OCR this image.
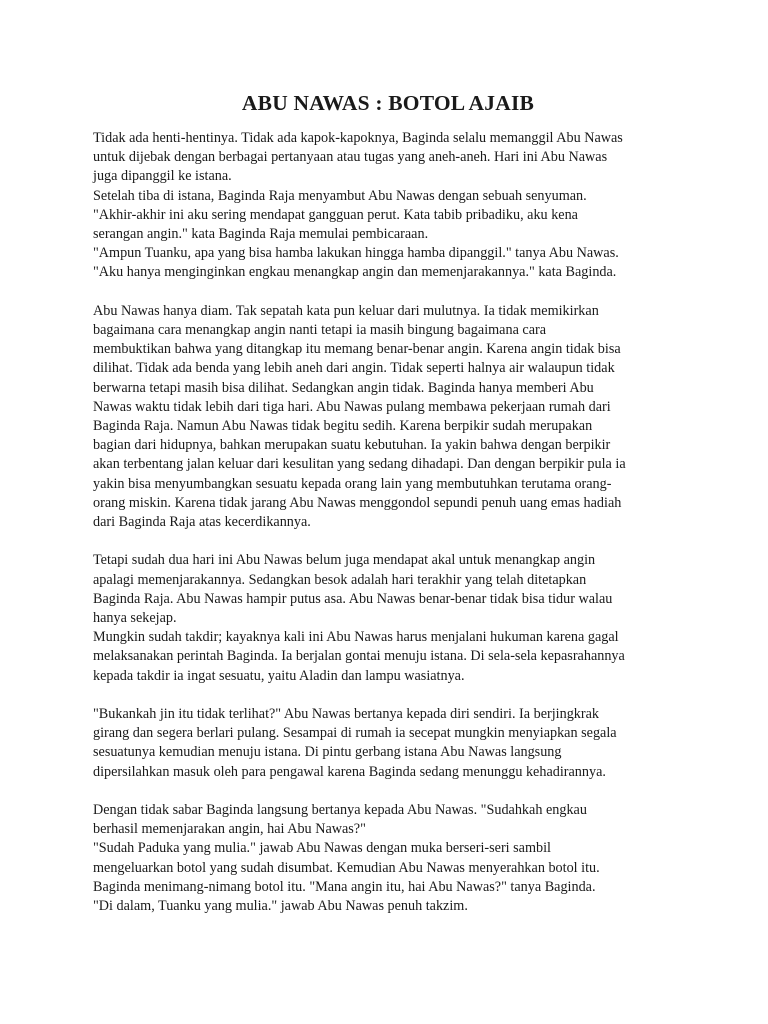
ABU NAWAS : BOTOL AJAIB

Tidak ada henti-hentinya. Tidak ada kapok-kapoknya, Baginda selalu memanggil Abu Nawas
untuk dijebak dengan berbagai pertanyaan atau tugas yang aneh-aneh. Hari ini Abu Nawas
juga dipanggil ke istana.
Setelah tiba di istana, Baginda Raja menyambut Abu Nawas dengan sebuah senyuman.
"Akhir-akhir ini aku sering mendapat gangguan perut. Kata tabib pribadiku, aku kena
serangan angin." kata Baginda Raja memulai pembicaraan.
"Ampun Tuanku, apa yang bisa hamba lakukan hingga hamba dipanggil." tanya Abu Nawas.
"Aku hanya menginginkan engkau menangkap angin dan memenjarakannya." kata Baginda.

Abu Nawas hanya diam. Tak sepatah kata pun keluar dari mulutnya. Ia tidak memikirkan
bagaimana cara menangkap angin nanti tetapi ia masih bingung bagaimana cara
membuktikan bahwa yang ditangkap itu memang benar-benar angin. Karena angin tidak bisa
dilihat. Tidak ada benda yang lebih aneh dari angin. Tidak seperti halnya air walaupun tidak
berwarna tetapi masih bisa dilihat. Sedangkan angin tidak. Baginda hanya memberi Abu
Nawas waktu tidak lebih dari tiga hari. Abu Nawas pulang membawa pekerjaan rumah dari
Baginda Raja. Namun Abu Nawas tidak begitu sedih. Karena berpikir sudah merupakan
bagian dari hidupnya, bahkan merupakan suatu kebutuhan. Ia yakin bahwa dengan berpikir
akan terbentang jalan keluar dari kesulitan yang sedang dihadapi. Dan dengan berpikir pula ia
yakin bisa menyumbangkan sesuatu kepada orang lain yang membutuhkan terutama orang-
orang miskin. Karena tidak jarang Abu Nawas menggondol sepundi penuh uang emas hadiah
dari Baginda Raja atas kecerdikannya.

Tetapi sudah dua hari ini Abu Nawas belum juga mendapat akal untuk menangkap angin
apalagi memenjarakannya. Sedangkan besok adalah hari terakhir yang telah ditetapkan
Baginda Raja. Abu Nawas hampir putus asa. Abu Nawas benar-benar tidak bisa tidur walau
hanya sekejap.
Mungkin sudah takdir; kayaknya kali ini Abu Nawas harus menjalani hukuman karena gagal
melaksanakan perintah Baginda. Ia berjalan gontai menuju istana. Di sela-sela kepasrahannya
kepada takdir ia ingat sesuatu, yaitu Aladin dan lampu wasiatnya.

"Bukankah jin itu tidak terlihat?" Abu Nawas bertanya kepada diri sendiri. Ia berjingkrak
girang dan segera berlari pulang. Sesampai di rumah ia secepat mungkin menyiapkan segala
sesuatunya kemudian menuju istana. Di pintu gerbang istana Abu Nawas langsung
dipersilahkan masuk oleh para pengawal karena Baginda sedang menunggu kehadirannya.

Dengan tidak sabar Baginda langsung bertanya kepada Abu Nawas. "Sudahkah engkau
berhasil memenjarakan angin, hai Abu Nawas?"
"Sudah Paduka yang mulia." jawab Abu Nawas dengan muka berseri-seri sambil
mengeluarkan botol yang sudah disumbat. Kemudian Abu Nawas menyerahkan botol itu.
Baginda menimang-nimang botol itu. "Mana angin itu, hai Abu Nawas?" tanya Baginda.
"Di dalam, Tuanku yang mulia." jawab Abu Nawas penuh takzim.
